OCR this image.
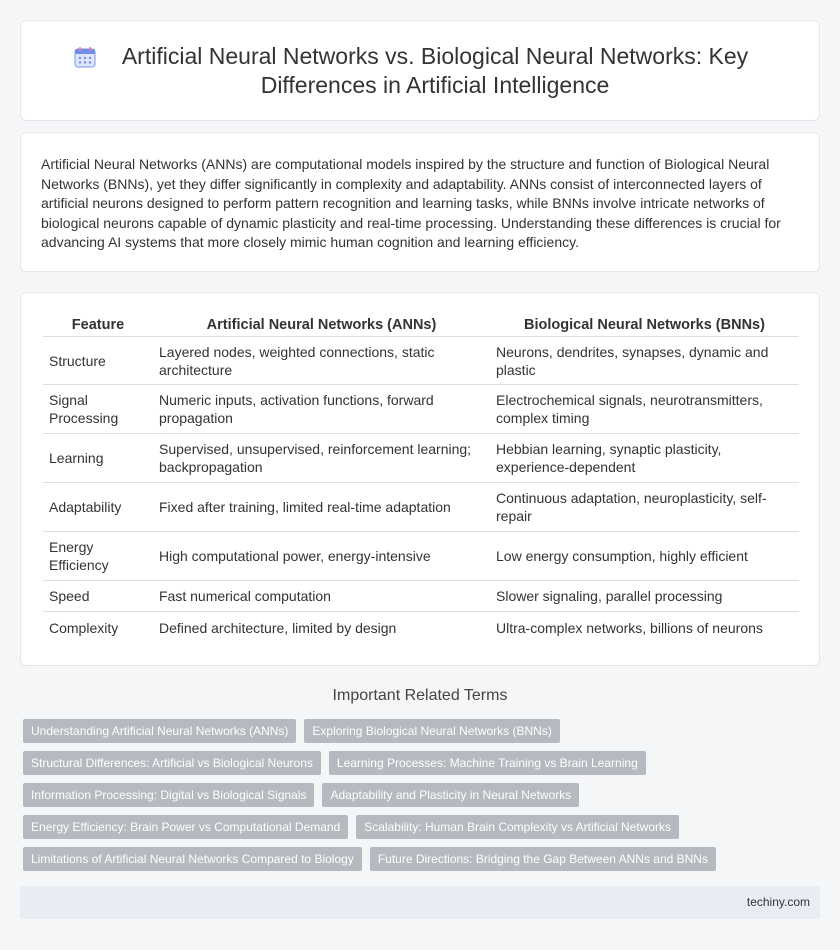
Artificial Neural Networks vs. Biological Neural Networks: Key Differences in Artificial Intelligence

Artificial Neural Networks (ANNs) are computational models inspired by the structure and function of Biological Neural Networks (BNNs), yet they differ significantly in complexity and adaptability. ANNs consist of interconnected layers of artificial neurons designed to perform pattern recognition and learning tasks, while BNNs involve intricate networks of biological neurons capable of dynamic plasticity and real-time processing. Understanding these differences is crucial for advancing AI systems that more closely mimic human cognition and learning efficiency.

Feature	Artificial Neural Networks (ANNs)	Biological Neural Networks (BNNs)
Structure	Layered nodes, weighted connections, static architecture	Neurons, dendrites, synapses, dynamic and plastic
Signal Processing	Numeric inputs, activation functions, forward propagation	Electrochemical signals, neurotransmitters, complex timing
Learning	Supervised, unsupervised, reinforcement learning; backpropagation	Hebbian learning, synaptic plasticity, experience-dependent
Adaptability	Fixed after training, limited real-time adaptation	Continuous adaptation, neuroplasticity, self-repair
Energy Efficiency	High computational power, energy-intensive	Low energy consumption, highly efficient
Speed	Fast numerical computation	Slower signaling, parallel processing
Complexity	Defined architecture, limited by design	Ultra-complex networks, billions of neurons
Important Related Terms
Understanding Artificial Neural Networks (ANNs)	Exploring Biological Neural Networks (BNNs)
Structural Differences: Artificial vs Biological Neurons	Learning Processes: Machine Training vs Brain Learning
Information Processing: Digital vs Biological Signals	Adaptability and Plasticity in Neural Networks
Energy Efficiency: Brain Power vs Computational Demand	Scalability: Human Brain Complexity vs Artificial Networks
Limitations of Artificial Neural Networks Compared to Biology	Future Directions: Bridging the Gap Between ANNs and BNNs
techiny.com
